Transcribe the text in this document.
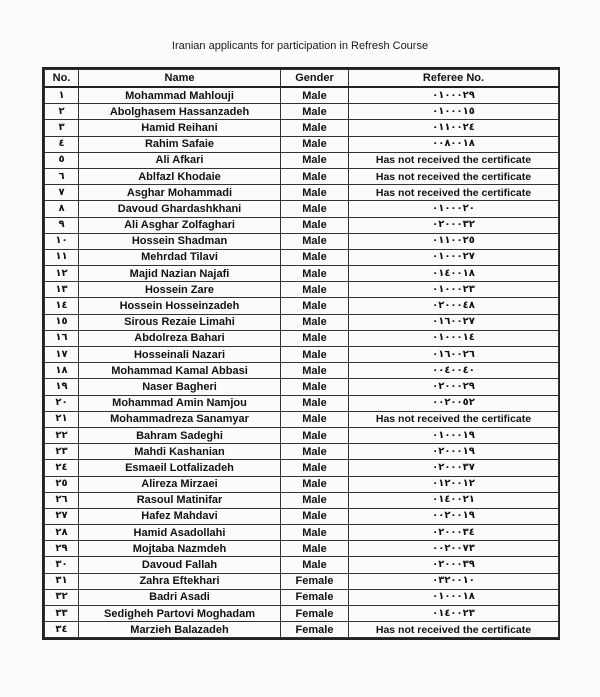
Iranian applicants for participation in Refresh Course
No.	Name	Gender	Referee No.
١	Mohammad Mahlouji	Male	٠١٠٠٠٢٩
٢	Abolghasem Hassanzadeh	Male	٠١٠٠٠١٥
٣	Hamid Reihani	Male	٠١١٠٠٢٤
٤	Rahim Safaie	Male	٠٠٨٠٠١٨
٥	Ali Afkari	Male	Has not received the certificate
٦	Ablfazl Khodaie	Male	Has not received the certificate
٧	Asghar Mohammadi	Male	Has not received the certificate
٨	Davoud Ghardashkhani	Male	٠١٠٠٠٢٠
٩	Ali Asghar Zolfaghari	Male	٠٢٠٠٠٣٢
١٠	Hossein Shadman	Male	٠١١٠٠٢٥
١١	Mehrdad Tilavi	Male	٠١٠٠٠٢٧
١٢	Majid Nazian Najafi	Male	٠١٤٠٠١٨
١٣	Hossein Zare	Male	٠١٠٠٠٢٣
١٤	Hossein Hosseinzadeh	Male	٠٢٠٠٠٤٨
١٥	Sirous Rezaie Limahi	Male	٠١٦٠٠٢٧
١٦	Abdolreza Bahari	Male	٠١٠٠٠١٤
١٧	Hosseinali Nazari	Male	٠١٦٠٠٢٦
١٨	Mohammad Kamal Abbasi	Male	٠٠٤٠٠٤٠
١٩	Naser Bagheri	Male	٠٢٠٠٠٢٩
٢٠	Mohammad Amin Namjou	Male	٠٠٢٠٠٥٢
٢١	Mohammadreza Sanamyar	Male	Has not received the certificate
٢٢	Bahram Sadeghi	Male	٠١٠٠٠١٩
٢٣	Mahdi Kashanian	Male	٠٢٠٠٠١٩
٢٤	Esmaeil Lotfalizadeh	Male	٠٢٠٠٠٣٧
٢٥	Alireza Mirzaei	Male	٠١٢٠٠١٢
٢٦	Rasoul Matinifar	Male	٠١٤٠٠٢١
٢٧	Hafez Mahdavi	Male	٠٠٢٠٠١٩
٢٨	Hamid Asadollahi	Male	٠٢٠٠٠٣٤
٢٩	Mojtaba Nazmdeh	Male	٠٠٢٠٠٧٣
٣٠	Davoud Fallah	Male	٠٢٠٠٠٣٩
٣١	Zahra Eftekhari	Female	٠٣٢٠٠١٠
٣٢	Badri Asadi	Female	٠١٠٠٠١٨
٣٣	Sedigheh Partovi Moghadam	Female	٠١٤٠٠٢٣
٣٤	Marzieh Balazadeh	Female	Has not received the certificate
